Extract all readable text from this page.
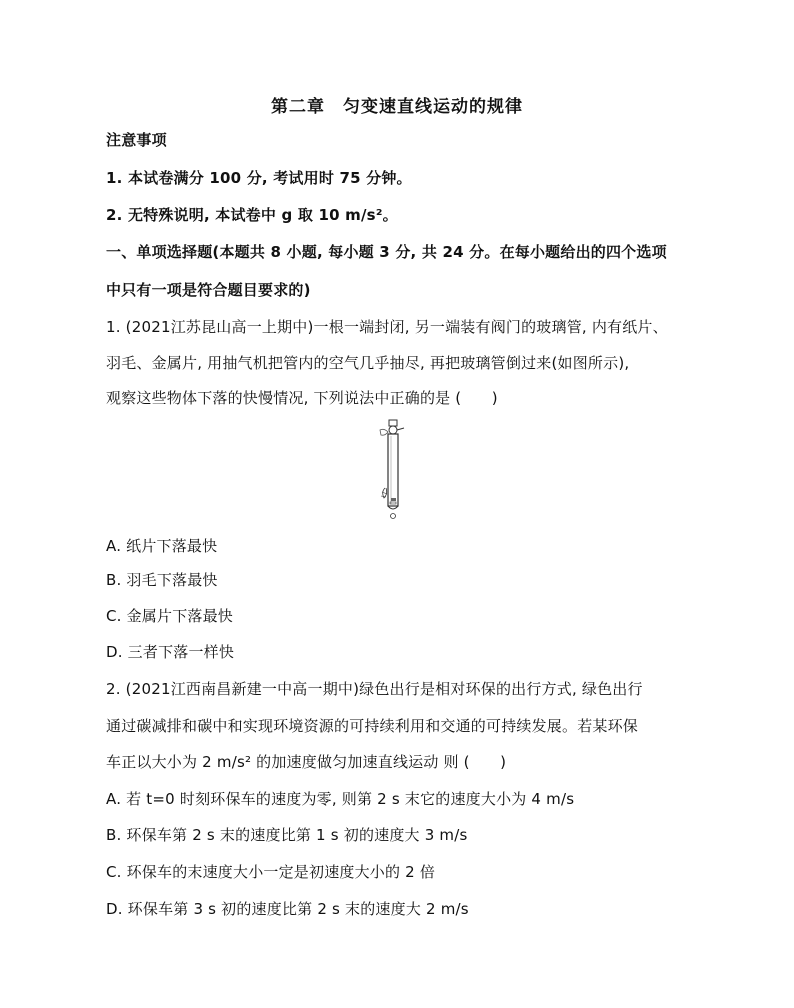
第二章　匀变速直线运动的规律
注意事项
1. 本试卷满分 100 分, 考试用时 75 分钟。
2. 无特殊说明, 本试卷中 g 取 10 m/s²。
一、单项选择题(本题共 8 小题, 每小题 3 分, 共 24 分。在每小题给出的四个选项
中只有一项是符合题目要求的)
1. (2021江苏昆山高一上期中)一根一端封闭, 另一端装有阀门的玻璃管, 内有纸片、
羽毛、金属片, 用抽气机把管内的空气几乎抽尽, 再把玻璃管倒过来(如图所示),
观察这些物体下落的快慢情况, 下列说法中正确的是 (　　)
A. 纸片下落最快
B. 羽毛下落最快
C. 金属片下落最快
D. 三者下落一样快
2. (2021江西南昌新建一中高一期中)绿色出行是相对环保的出行方式, 绿色出行
通过碳减排和碳中和实现环境资源的可持续利用和交通的可持续发展。若某环保
车正以大小为 2 m/s² 的加速度做匀加速直线运动 则 (　　)
A. 若 t=0 时刻环保车的速度为零, 则第 2 s 末它的速度大小为 4 m/s
B. 环保车第 2 s 末的速度比第 1 s 初的速度大 3 m/s
C. 环保车的末速度大小一定是初速度大小的 2 倍
D. 环保车第 3 s 初的速度比第 2 s 末的速度大 2 m/s
